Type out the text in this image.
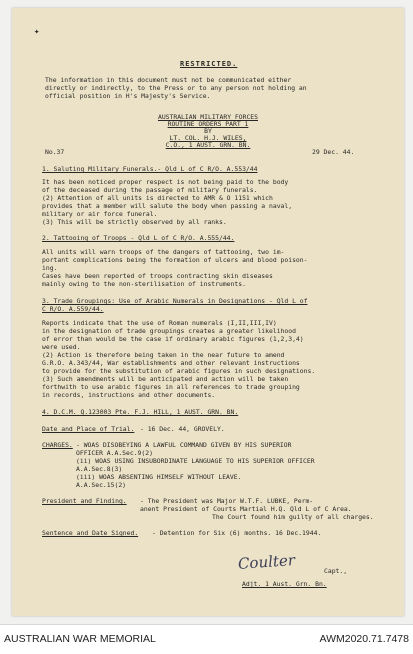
✦
RESTRICTED.
The information in this document must not be communicated either
directly or indirectly, to the Press or to any person not holding an
official position in H's Majesty's Service.
AUSTRALIAN MILITARY FORCES
ROUTINE ORDERS PART 1
BY
LT. COL. H.J. WILES,
C.O., 1 AUST. GRN. BN.
No.37	29 Dec. 44.
1. Saluting Military Funerals.- Qld L of C R/O. A.553/44
It has been noticed proper respect is not being paid to the body
of the deceased during the passage of military funerals.
(2) Attention of all units is directed to AMR & O 1151 which
provides that a member will salute the body when passing a naval,
military or air force funeral.
(3) This will be strictly observed by all ranks.
2. Tattooing of Troops - Qld L of C R/O. A.555/44.
All units will warn troops of the dangers of tattooing, two im-
portant complications being the formation of ulcers and blood poison-
ing.
Cases have been reported of troops contracting skin diseases
mainly owing to the non-sterilisation of instruments.
3. Trade Groupings: Use of Arabic Numerals in Designations - Qld L of
C R/O. A.559/44.
Reports indicate that the use of Roman numerals (I,II,III,IV)
in the designation of trade groupings creates a greater likelihood
of error than would be the case if ordinary arabic figures (1,2,3,4)
were used.
(2) Action is therefore being taken in the near future to amend
G.R.O. A.343/44, War establishments and other relevant instructions
to provide for the substitution of arabic figures in such designations.
(3) Such amendments will be anticipated and action will be taken
forthwith to use arabic figures in all references to trade grouping
in records, instructions and other documents.
4. D.C.M. Q.123003 Pte. F.J. HILL, 1 AUST. GRN. BN.
Date and Place of Trial. - 16 Dec. 44, GROVELY.
CHARGES. - WOAS DISOBEYING A LAWFUL COMMAND GIVEN BY HIS SUPERIOR
OFFICER A.A.Sec.9(2)
(ii) WOAS USING INSUBORDINATE LANGUAGE TO HIS SUPERIOR OFFICER
A.A.Sec.8(3)
(iii) WOAS ABSENTING HIMSELF WITHOUT LEAVE.
A.A.Sec.15(2)
President and Finding. - The President was Major W.T.F. LUBKE, Perm-
anent President of Courts Martial H.Q. Qld L of C Area.
The Court found him guilty of all charges.
Sentence and Date Signed. - Detention for Six (6) months. 16 Dec.1944.
Coulter	Capt.,
Adjt. 1 Aust. Grn. Bn.
AUSTRALIAN WAR MEMORIAL	AWM2020.71.7478
